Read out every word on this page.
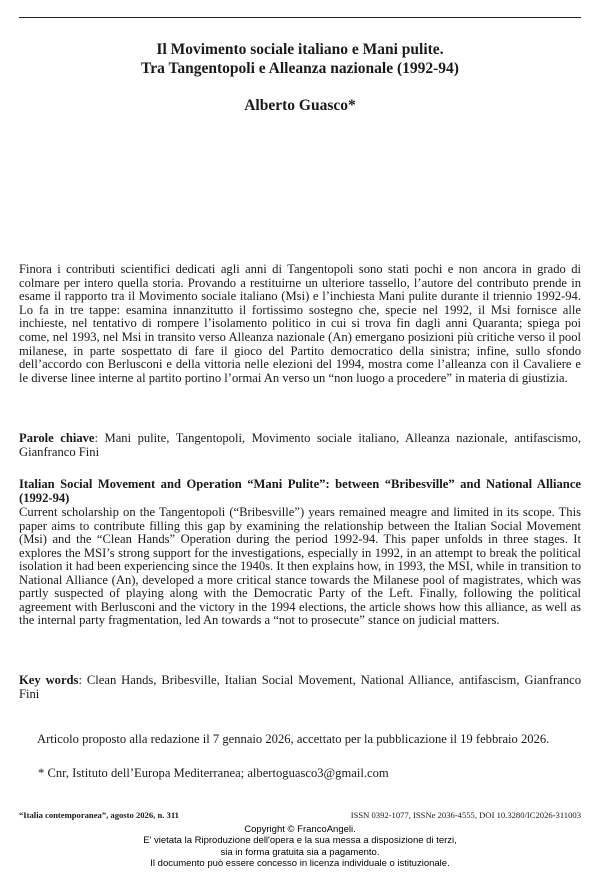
Il Movimento sociale italiano e Mani pulite.
Tra Tangentopoli e Alleanza nazionale (1992-94)
Alberto Guasco*

Finora i contributi scientifici dedicati agli anni di Tangentopoli sono stati pochi e non ancora in grado di colmare per intero quella storia. Provando a restituirne un ulteriore tassello, l’autore del contributo prende in esame il rapporto tra il Movimento sociale italiano (Msi) e l’inchiesta Mani pulite durante il triennio 1992-94. Lo fa in tre tappe: esamina innanzitutto il fortissimo sostegno che, specie nel 1992, il Msi fornisce alle inchieste, nel tentativo di rompere l’isolamento politico in cui si trova fin dagli anni Quaranta; spiega poi come, nel 1993, nel Msi in transito verso Alleanza nazionale (An) emergano posizioni più critiche verso il pool milanese, in parte sospettato di fare il gioco del Partito democratico della sinistra; infine, sullo sfondo dell’accordo con Berlusconi e della vittoria nelle elezioni del 1994, mostra come l’alleanza con il Cavaliere e le diverse linee interne al partito portino l’ormai An verso un “non luogo a procedere” in materia di giustizia.

Parole chiave: Mani pulite, Tangentopoli, Movimento sociale italiano, Alleanza nazionale, antifascismo, Gianfranco Fini

Italian Social Movement and Operation “Mani Pulite”: between “Bribesville” and National Alliance (1992-94)

Current scholarship on the Tangentopoli (“Bribesville”) years remained meagre and limited in its scope. This paper aims to contribute filling this gap by examining the relationship between the Italian Social Movement (Msi) and the “Clean Hands” Operation during the period 1992-94. This paper unfolds in three stages. It explores the MSI’s strong support for the investigations, especially in 1992, in an attempt to break the political isolation it had been experiencing since the 1940s. It then explains how, in 1993, the MSI, while in transition to National Alliance (An), developed a more critical stance towards the Milanese pool of magistrates, which was partly suspected of playing along with the Democratic Party of the Left. Finally, following the political agreement with Berlusconi and the victory in the 1994 elections, the article shows how this alliance, as well as the internal party fragmentation, led An towards a “not to prosecute” stance on judicial matters.

Key words: Clean Hands, Bribesville, Italian Social Movement, National Alliance, antifascism, Gianfranco Fini

Articolo proposto alla redazione il 7 gennaio 2026, accettato per la pubblicazione il 19 febbraio 2026.

* Cnr, Istituto dell’Europa Mediterranea; albertoguasco3@gmail.com

“Italia contemporanea”, agosto 2026, n. 311	ISSN 0392-1077, ISSNe 2036-4555, DOI 10.3280/IC2026-311003
Copyright © FrancoAngeli.
E' vietata la Riproduzione dell'opera e la sua messa a disposizione di terzi,
sia in forma gratuita sia a pagamento.
Il documento può essere concesso in licenza individuale o istituzionale.
